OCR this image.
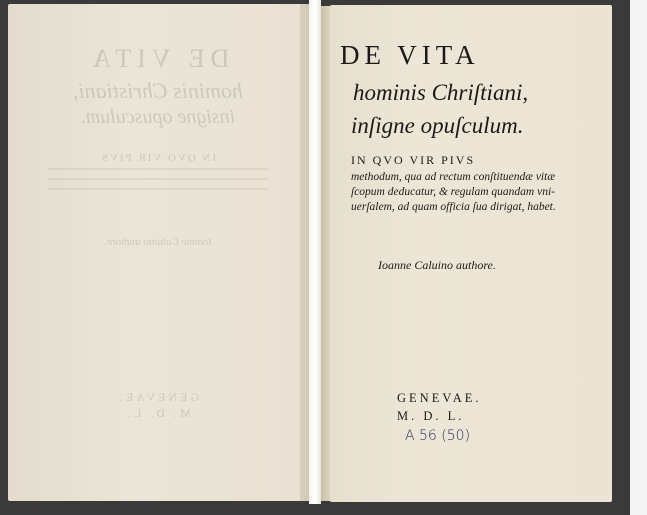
DE VITA
hominis Christiani,
insigne opusculum.
IN QVO VIR PIVS
Ioanne Caluino authore.
GENEVAE.
M. D. L.
DE VITA
hominis Chriſtiani,
inſigne opuſculum.
IN QVO VIR PIVS
methodum, qua ad rectum conſtituendæ vitæ
ſcopum deducatur, & regulam quandam vni-
uerſalem, ad quam officia ſua dirigat, habet.
Ioanne Caluino authore.
GENEVAE.
M. D. L.
A 56 (50)
